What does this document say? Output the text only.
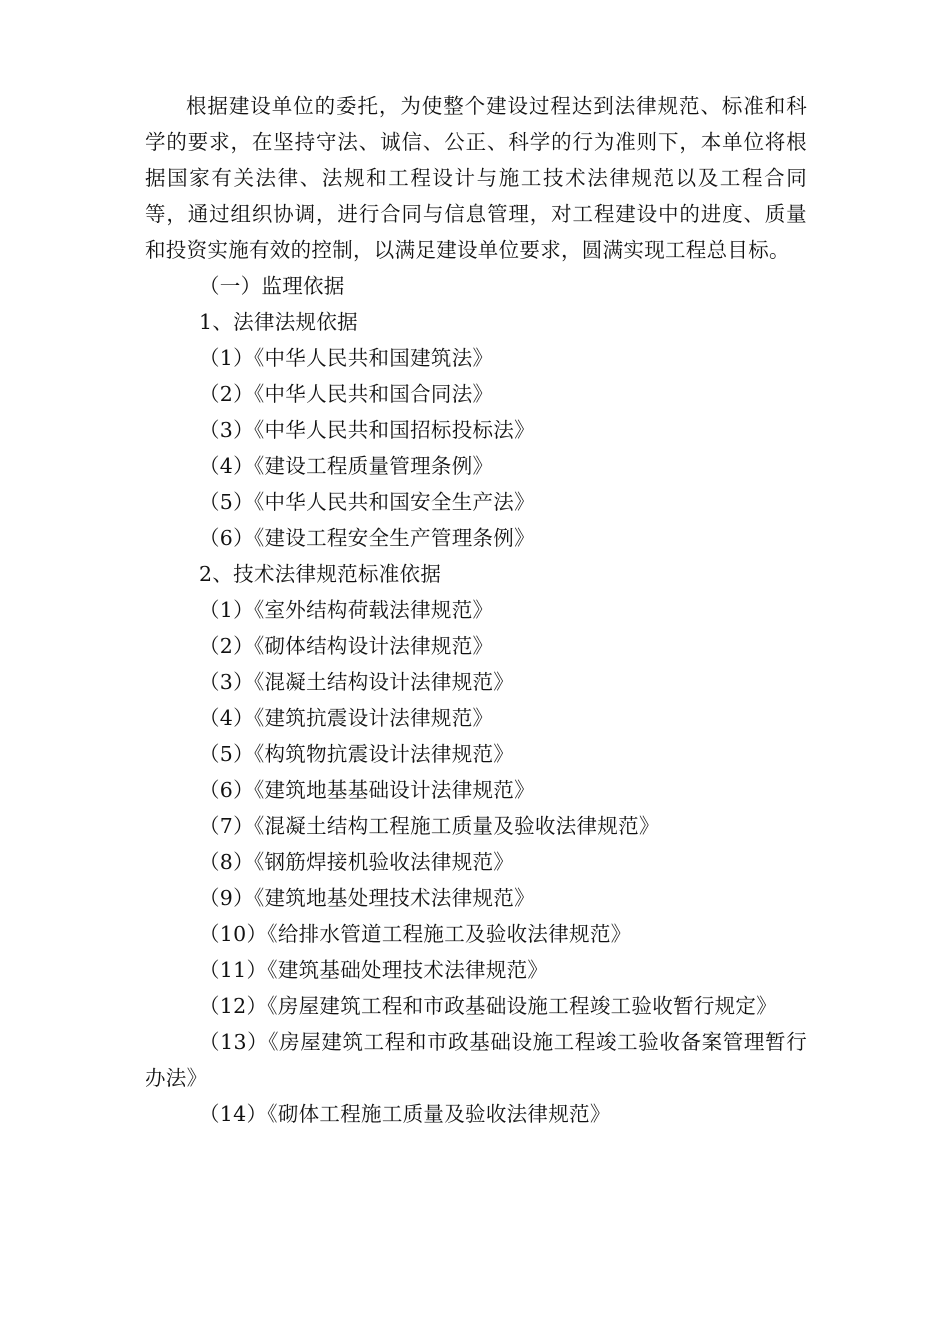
根据建设单位的委托，为使整个建设过程达到法律规范、标准和科学的要求，在坚持守法、诚信、公正、科学的行为准则下，本单位将根据国家有关法律、法规和工程设计与施工技术法律规范以及工程合同等，通过组织协调，进行合同与信息管理，对工程建设中的进度、质量和投资实施有效的控制，以满足建设单位要求，圆满实现工程总目标。

（一）监理依据

1、法律法规依据

（1）《中华人民共和国建筑法》

（2）《中华人民共和国合同法》

（3）《中华人民共和国招标投标法》

（4）《建设工程质量管理条例》

（5）《中华人民共和国安全生产法》

（6）《建设工程安全生产管理条例》

2、技术法律规范标准依据

（1）《室外结构荷载法律规范》

（2）《砌体结构设计法律规范》

（3）《混凝土结构设计法律规范》

（4）《建筑抗震设计法律规范》

（5）《构筑物抗震设计法律规范》

（6）《建筑地基基础设计法律规范》

（7）《混凝土结构工程施工质量及验收法律规范》

（8）《钢筋焊接机验收法律规范》

（9）《建筑地基处理技术法律规范》

（10）《给排水管道工程施工及验收法律规范》

（11）《建筑基础处理技术法律规范》

（12）《房屋建筑工程和市政基础设施工程竣工验收暂行规定》

（13）《房屋建筑工程和市政基础设施工程竣工验收备案管理暂行办法》

（14）《砌体工程施工质量及验收法律规范》
